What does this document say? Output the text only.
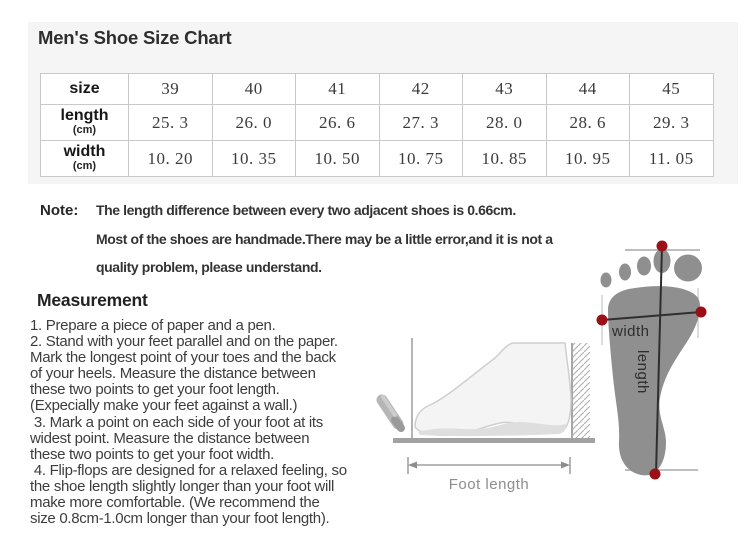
Men's Shoe Size Chart
size	39	40	41	42	43	44	45

length
(cm)	25. 3	26. 0	26. 6	27. 3	28. 0	28. 6	29. 3

width
(cm)	10. 20	10. 35	10. 50	10. 75	10. 85	10. 95	11. 05
Note: The length difference between every two adjacent shoes is 0.66cm.
Most of the shoes are handmade.There may be a little error,and it is not a
quality problem, please understand.
Measurement
1. Prepare a piece of paper and a pen.
2. Stand with your feet parallel and on the paper.
Mark the longest point of your toes and the back
of your heels. Measure the distance between
these two points to get your foot length.
(Expecially make your feet against a wall.)
3. Mark a point on each side of your foot at its
widest point. Measure the distance between
these two points to get your foot width.
4. Flip-flops are designed for a relaxed feeling, so
the shoe length slightly longer than your foot will
make more comfortable. (We recommend the
size 0.8cm-1.0cm longer than your foot length).
Foot length
width
length
